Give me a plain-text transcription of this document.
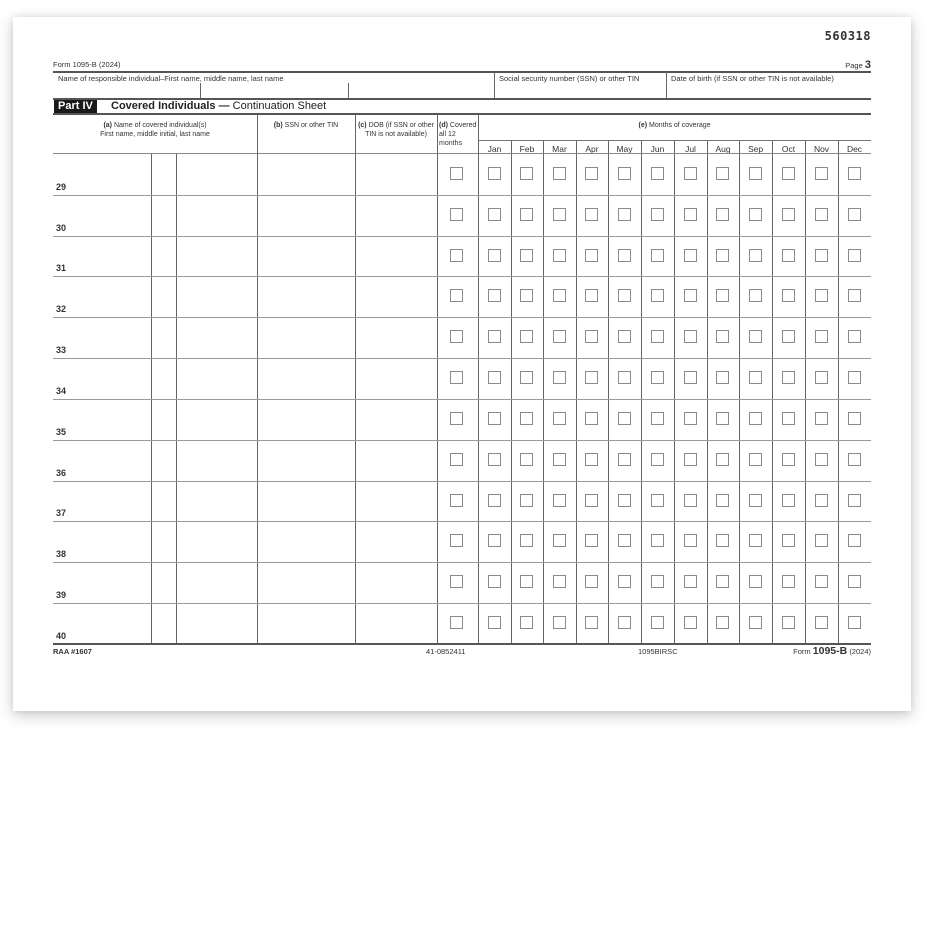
560318
Form 1095-B (2024)	Page 3
Name of responsible individual–First name, middle name, last name	Social security number (SSN) or other TIN	Date of birth (if SSN or other TIN is not available)
Part IV	Covered Individuals — Continuation Sheet
(a) Name of covered individual(s)
First name, middle initial, last name
(b) SSN or other TIN	(c) DOB (if SSN or other
TIN is not available)
(d) Covered
all 12 months
(e) Months of coverage
Jan	Feb	Mar	Apr	May	Jun	Jul	Aug	Sep	Oct	Nov	Dec
29
30
31
32
33
34
35
36
37
38
39
40
RAA #1607	41-0852411	1095BIRSC	Form 1095-B (2024)
